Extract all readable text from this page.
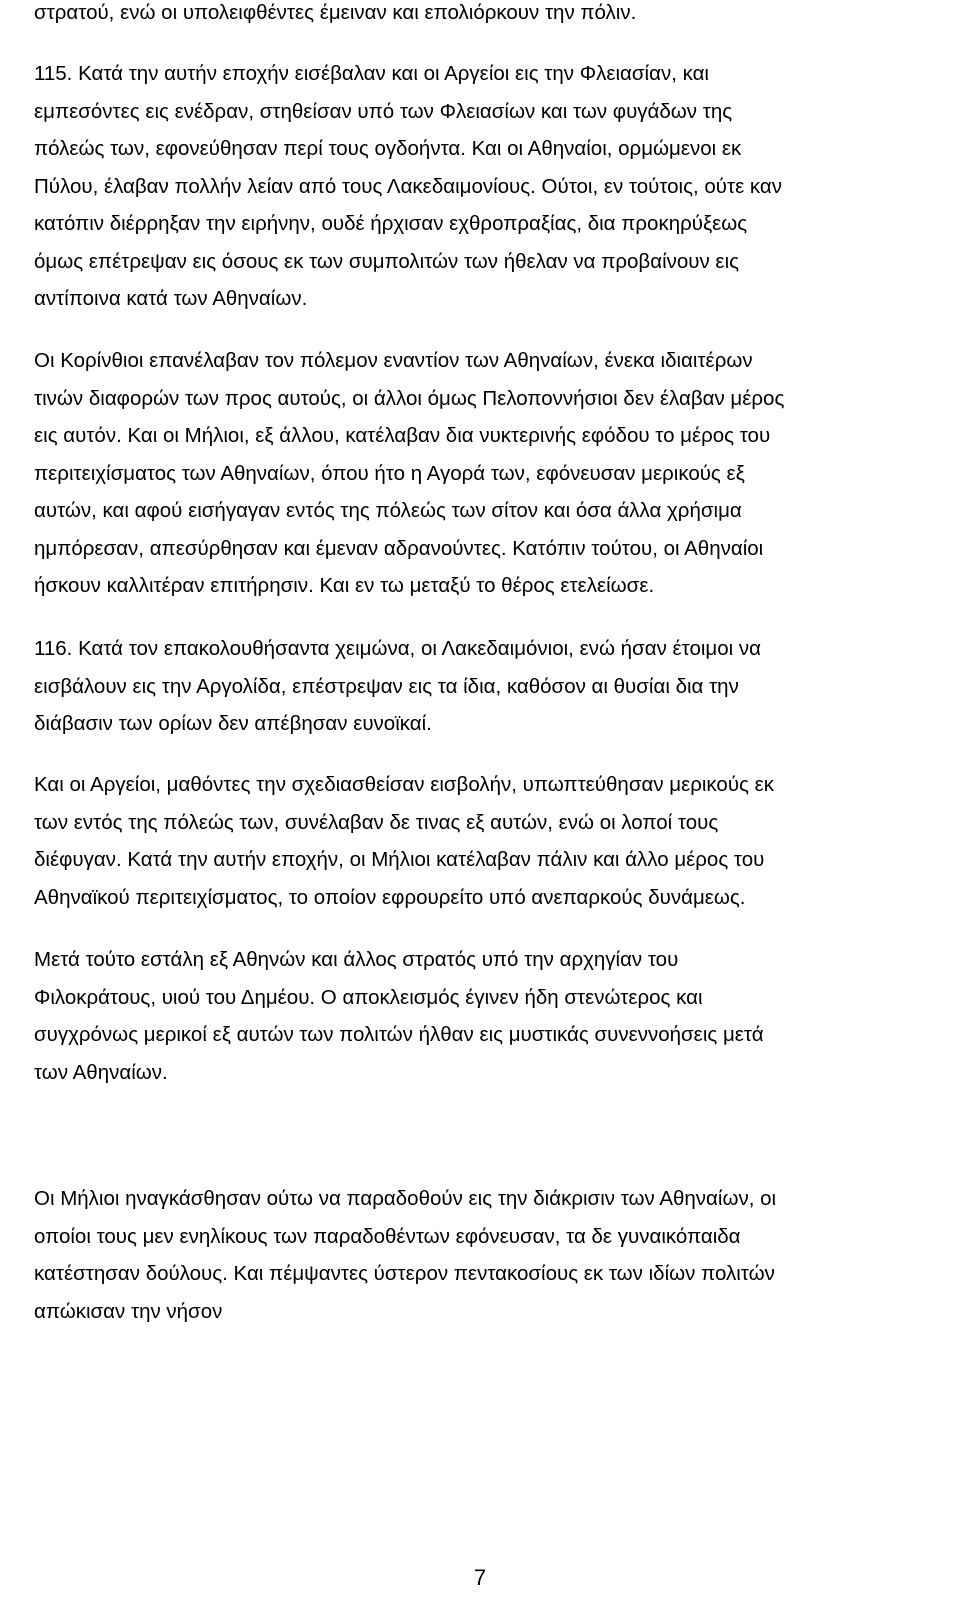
στρατού, ενώ οι υπολειφθέντες έμειναν και επολιόρκουν την πόλιν.

115. Κατά την αυτήν εποχήν εισέβαλαν και οι Αργείοι εις την Φλειασίαν, και
εμπεσόντες εις ενέδραν, στηθείσαν υπό των Φλειασίων και των φυγάδων της
πόλεώς των, εφονεύθησαν περί τους ογδοήντα. Και οι Αθηναίοι, ορμώμενοι εκ
Πύλου, έλαβαν πολλήν λείαν από τους Λακεδαιμονίους. Ούτοι, εν τούτοις, ούτε καν
κατόπιν διέρρηξαν την ειρήνην, ουδέ ήρχισαν εχθροπραξίας, δια προκηρύξεως
όμως επέτρεψαν εις όσους εκ των συμπολιτών των ήθελαν να προβαίνουν εις
αντίποινα κατά των Αθηναίων.

Οι Κορίνθιοι επανέλαβαν τον πόλεμον εναντίον των Αθηναίων, ένεκα ιδιαιτέρων
τινών διαφορών των προς αυτούς, οι άλλοι όμως Πελοποννήσιοι δεν έλαβαν μέρος
εις αυτόν. Και οι Μήλιοι, εξ άλλου, κατέλαβαν δια νυκτερινής εφόδου το μέρος του
περιτειχίσματος των Αθηναίων, όπου ήτο η Αγορά των, εφόνευσαν μερικούς εξ
αυτών, και αφού εισήγαγαν εντός της πόλεώς των σίτον και όσα άλλα χρήσιμα
ημπόρεσαν, απεσύρθησαν και έμεναν αδρανούντες. Κατόπιν τούτου, οι Αθηναίοι
ήσκουν καλλιτέραν επιτήρησιν. Και εν τω μεταξύ το θέρος ετελείωσε.

116. Κατά τον επακολουθήσαντα χειμώνα, οι Λακεδαιμόνιοι, ενώ ήσαν έτοιμοι να
εισβάλουν εις την Αργολίδα, επέστρεψαν εις τα ίδια, καθόσον αι θυσίαι δια την
διάβασιν των ορίων δεν απέβησαν ευνοϊκαί.

Και οι Αργείοι, μαθόντες την σχεδιασθείσαν εισβολήν, υπωπτεύθησαν μερικούς εκ
των εντός της πόλεώς των, συνέλαβαν δε τινας εξ αυτών, ενώ οι λοποί τους
διέφυγαν. Κατά την αυτήν εποχήν, οι Μήλιοι κατέλαβαν πάλιν και άλλο μέρος του
Αθηναϊκού περιτειχίσματος, το οποίον εφρουρείτο υπό ανεπαρκούς δυνάμεως.

Μετά τούτο εστάλη εξ Αθηνών και άλλος στρατός υπό την αρχηγίαν του
Φιλοκράτους, υιού του Δημέου. Ο αποκλεισμός έγινεν ήδη στενώτερος και
συγχρόνως μερικοί εξ αυτών των πολιτών ήλθαν εις μυστικάς συνεννοήσεις μετά
των Αθηναίων.

Οι Μήλιοι ηναγκάσθησαν ούτω να παραδοθούν εις την διάκρισιν των Αθηναίων, οι
οποίοι τους μεν ενηλίκους των παραδοθέντων εφόνευσαν, τα δε γυναικόπαιδα
κατέστησαν δούλους. Και πέμψαντες ύστερον πεντακοσίους εκ των ιδίων πολιτών
απώκισαν την νήσον

7
